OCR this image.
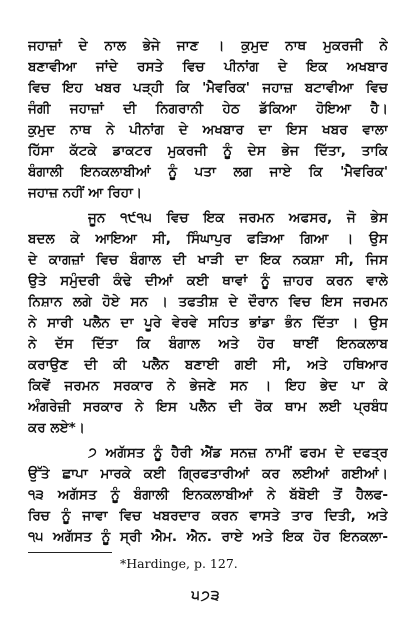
ਜਹਾਜ਼ਾਂ ਦੇ ਨਾਲ ਭੇਜੇ ਜਾਣ । ਕੁਮੁਦ ਨਾਥ ਮੁਕਰਜੀ ਨੇ
ਬਣਾਵੀਆ ਜਾਂਦੇ ਰਸਤੇ ਵਿਚ ਪੀਨਾਂਗ ਦੇ ਇਕ ਅਖਬਾਰ
ਵਿਚ ਇਹ ਖਬਰ ਪੜ੍ਹੀ ਕਿ 'ਮੈਵਰਿਕ' ਜਹਾਜ਼ ਬਟਾਵੀਆ ਵਿਚ
ਜੰਗੀ ਜਹਾਜ਼ਾਂ ਦੀ ਨਿਗਰਾਨੀ ਹੇਠ ਡੱਕਿਆ ਹੋਇਆ ਹੈ।
ਕੁਮੁਦ ਨਾਥ ਨੇ ਪੀਨਾਂਗ ਦੇ ਅਖਬਾਰ ਦਾ ਇਸ ਖਬਰ ਵਾਲਾ
ਹਿੱਸਾ ਕੱਟਕੇ ਡਾਕਟਰ ਮੁਕਰਜੀ ਨੂੰ ਦੇਸ ਭੇਜ ਦਿੱਤਾ, ਤਾਕਿ
ਬੰਗਾਲੀ ਇਨਕਲਾਬੀਆਂ ਨੂੰ ਪਤਾ ਲਗ ਜਾਏ ਕਿ 'ਮੈਵਰਿਕ'
ਜਹਾਜ਼ ਨਹੀਂ ਆ ਰਿਹਾ।
ਜੂਨ ੧੯੧੫ ਵਿਚ ਇਕ ਜਰਮਨ ਅਫਸਰ, ਜੋ ਭੇਸ
ਬਦਲ ਕੇ ਆਇਆ ਸੀ, ਸਿੰਘਾਪੁਰ ਫੜਿਆ ਗਿਆ । ਉਸ
ਦੇ ਕਾਗਜ਼ਾਂ ਵਿਚ ਬੰਗਾਲ ਦੀ ਖਾੜੀ ਦਾ ਇਕ ਨਕਸ਼ਾ ਸੀ, ਜਿਸ
ਉਤੇ ਸਮੁੰਦਰੀ ਕੰਢੇ ਦੀਆਂ ਕਈ ਥਾਵਾਂ ਨੂੰ ਜ਼ਾਹਰ ਕਰਨ ਵਾਲੇ
ਨਿਸ਼ਾਨ ਲਗੇ ਹੋਏ ਸਨ । ਤਫਤੀਸ਼ ਦੇ ਦੌਰਾਨ ਵਿਚ ਇਸ ਜਰਮਨ
ਨੇ ਸਾਰੀ ਪਲੈਨ ਦਾ ਪੂਰੇ ਵੇਰਵੇ ਸਹਿਤ ਭਾਂਡਾ ਭੰਨ ਦਿੱਤਾ । ਉਸ
ਨੇ ਦੱਸ ਦਿੱਤਾ ਕਿ ਬੰਗਾਲ ਅਤੇ ਹੋਰ ਥਾਈਂ ਇਨਕਲਾਬ
ਕਰਾਉਣ ਦੀ ਕੀ ਪਲੈਨ ਬਣਾਈ ਗਈ ਸੀ, ਅਤੇ ਹਥਿਆਰ
ਕਿਵੇਂ ਜਰਮਨ ਸਰਕਾਰ ਨੇ ਭੇਜਣੇ ਸਨ । ਇਹ ਭੇਦ ਪਾ ਕੇ
ਅੰਗਰੇਜ਼ੀ ਸਰਕਾਰ ਨੇ ਇਸ ਪਲੈਨ ਦੀ ਰੋਕ ਥਾਮ ਲਈ ਪ੍ਰਬੰਧ
ਕਰ ਲਏ*।
੭ ਅਗੱਸਤ ਨੂੰ ਹੈਰੀ ਐਂਡ ਸਨਜ਼ ਨਾਮੀਂ ਫਰਮ ਦੇ ਦਫਤ੍ਰ
ਉੱਤੇ ਛਾਪਾ ਮਾਰਕੇ ਕਈ ਗ੍ਰਿਫਤਾਰੀਆਂ ਕਰ ਲਈਆਂ ਗਈਆਂ।
੧੩ ਅਗੱਸਤ ਨੂੰ ਬੰਗਾਲੀ ਇਨਕਲਾਬੀਆਂ ਨੇ ਬੱਬੋਈ ਤੋਂ ਹੈਲਫ-
ਰਿਚ ਨੂੰ ਜਾਵਾ ਵਿਚ ਖਬਰਦਾਰ ਕਰਨ ਵਾਸਤੇ ਤਾਰ ਦਿਤੀ, ਅਤੇ
੧੫ ਅਗੱਸਤ ਨੂੰ ਸ੍ਰੀ ਐਮ. ਐਨ. ਰਾਏ ਅਤੇ ਇਕ ਹੋਰ ਇਨਕਲਾ-
*Hardinge, p. 127.
੫੭੩
